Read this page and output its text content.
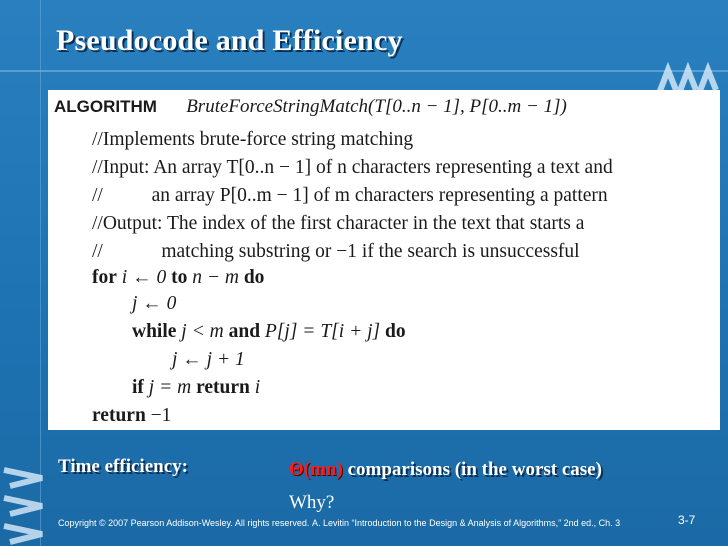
Pseudocode and Efficiency
ALGORITHM BruteForceStringMatch(T[0..n − 1], P[0..m − 1])
//Implements brute-force string matching
//Input: An array T[0..n − 1] of n characters representing a text and
//          an array P[0..m − 1] of m characters representing a pattern
//Output: The index of the first character in the text that starts a
//            matching substring or −1 if the search is unsuccessful
for i ← 0 to n − m do
j ← 0
while j < m and P[j] = T[i + j] do
j ← j + 1
if j = m return i
return −1
Time efficiency:	Θ(mn) comparisons (in the worst case)
Why?
Copyright © 2007 Pearson Addison-Wesley. All rights reserved. A. Levitin “Introduction to the Design & Analysis of Algorithms,” 2nd ed., Ch. 3	3-7
